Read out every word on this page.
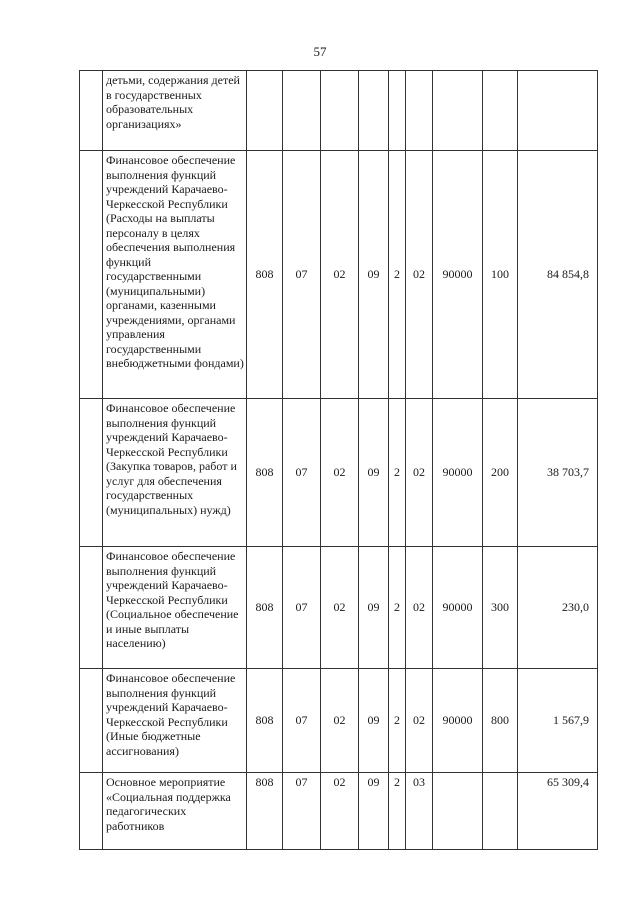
57
	детьми, содержания детей в государственных образовательных организациях»									
	Финансовое обеспечение выполнения функций учреждений Карачаево-Черкесской Республики (Расходы на выплаты персоналу в целях обеспечения выполнения функций государственными (муниципальными) органами, казенными учреждениями, органами управления государственными внебюджетными фондами)	808	07	02	09	2	02	90000	100	84 854,8
	Финансовое обеспечение выполнения функций учреждений Карачаево-Черкесской Республики (Закупка товаров, работ и услуг для обеспечения государственных (муниципальных) нужд)	808	07	02	09	2	02	90000	200	38 703,7
	Финансовое обеспечение выполнения функций учреждений Карачаево-Черкесской Республики (Социальное обеспечение и иные выплаты населению)	808	07	02	09	2	02	90000	300	230,0
	Финансовое обеспечение выполнения функций учреждений Карачаево-Черкесской Республики (Иные бюджетные ассигнования)	808	07	02	09	2	02	90000	800	1 567,9
	Основное мероприятие «Социальная поддержка педагогических работников	808	07	02	09	2	03			65 309,4
